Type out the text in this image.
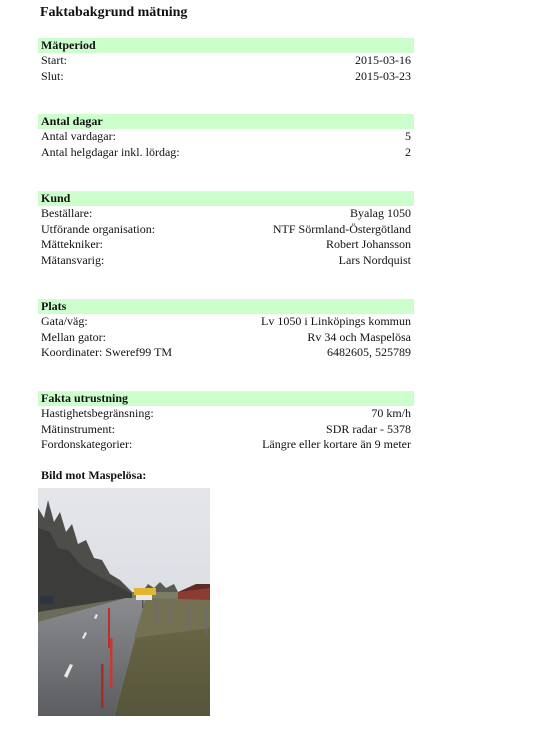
Faktabakgrund mätning
Mätperiod
Start:	2015-03-16
Slut:	2015-03-23
Antal dagar
Antal vardagar:	5
Antal helgdagar inkl. lördag:	2
Kund
Beställare:	Byalag 1050
Utförande organisation:	NTF Sörmland-Östergötland
Mättekniker:	Robert Johansson
Mätansvarig:	Lars Nordquist
Plats
Gata/väg:	Lv 1050 i Linköpings kommun
Mellan gator:	Rv 34 och Maspelösa
Koordinater: Sweref99 TM	6482605, 525789
Fakta utrustning
Hastighetsbegränsning:	70 km/h
Mätinstrument:	SDR radar - 5378
Fordonskategorier:	Längre eller kortare än 9 meter
Bild mot Maspelösa:
